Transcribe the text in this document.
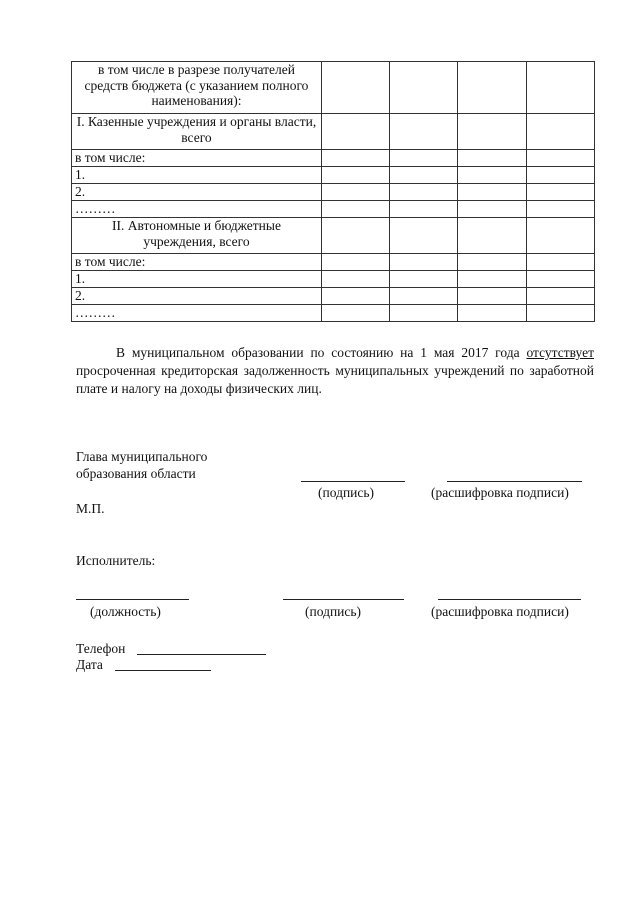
в том числе в разрезе получателей средств бюджета (с указанием полного наименования):				
I. Казенные учреждения и органы власти, всего				
в том числе:				
1.				
2.				
………				
II. Автономные и бюджетные учреждения, всего				
в том числе:				
1.				
2.				
………				

В муниципальном образовании по состоянию на 1 мая 2017 года отсутствует просроченная кредиторская задолженность муниципальных учреждений по заработной плате и налогу на доходы физических лиц.

Глава муниципального
образования области
(подпись)	(расшифровка подписи)
М.П.
Исполнитель:
(должность)	(подпись)	(расшифровка подписи)
Телефон
Дата
